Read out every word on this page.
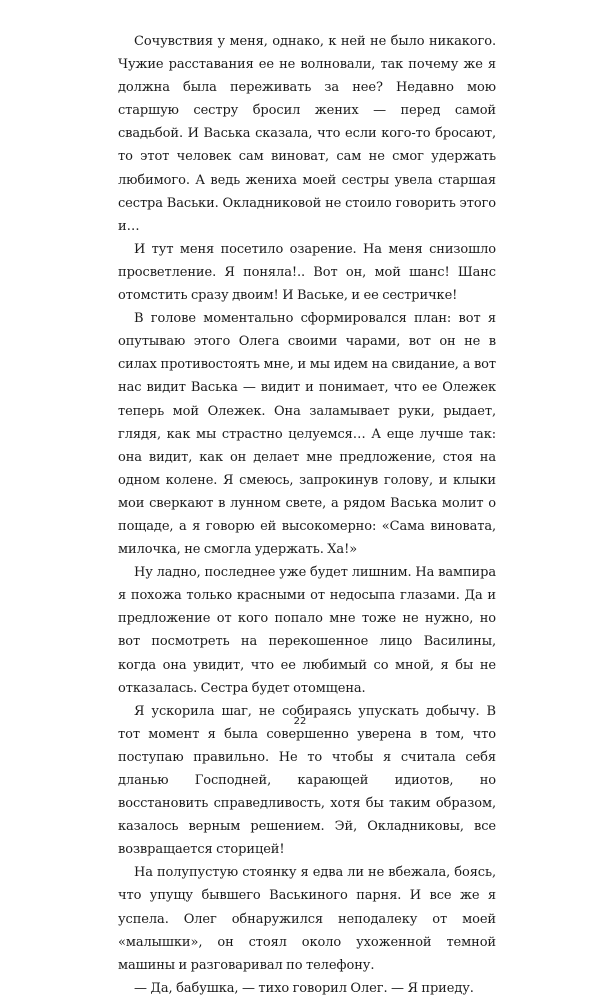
Сочувствия у меня, однако, к ней не было никакого. Чужие расставания ее не волновали, так почему же я должна была переживать за нее? Недавно мою старшую сестру бросил жених — перед самой свадьбой. И Васька сказала, что если кого-то бросают, то этот человек сам виноват, сам не смог удержать любимого. А ведь жениха моей сестры увела старшая сестра Васьки. Окладниковой не стоило говорить этого и…

И тут меня посетило озарение. На меня снизошло просветление. Я поняла!.. Вот он, мой шанс! Шанс отомстить сразу двоим! И Ваське, и ее сестричке!

В голове моментально сформировался план: вот я опутываю этого Олега своими чарами, вот он не в силах противостоять мне, и мы идем на свидание, а вот нас видит Васька — видит и понимает, что ее Олежек теперь мой Олежек. Она заламывает руки, рыдает, глядя, как мы страстно целуемся… А еще лучше так: она видит, как он делает мне предложение, стоя на одном колене. Я смеюсь, запрокинув голову, и клыки мои сверкают в лунном свете, а рядом Васька молит о пощаде, а я говорю ей высокомерно: «Сама виновата, милочка, не смогла удержать. Ха!»

Ну ладно, последнее уже будет лишним. На вампира я похожа только красными от недосыпа глазами. Да и предложение от кого попало мне тоже не нужно, но вот посмотреть на перекошенное лицо Василины, когда она увидит, что ее любимый со мной, я бы не отказалась. Сестра будет отомщена.

Я ускорила шаг, не собираясь упускать добычу. В тот момент я была совершенно уверена в том, что поступаю правильно. Не то чтобы я считала себя дланью Господней, карающей идиотов, но восстановить справедливость, хотя бы таким образом, казалось верным решением. Эй, Окладниковы, все возвращается сторицей!

На полупустую стоянку я едва ли не вбежала, боясь, что упущу бывшего Васькиного парня. И все же я успела. Олег обнаружился неподалеку от моей «малышки», он стоял около ухоженной темной машины и разговаривал по телефону.

— Да, бабушка, — тихо говорил Олег. — Я приеду.

22
